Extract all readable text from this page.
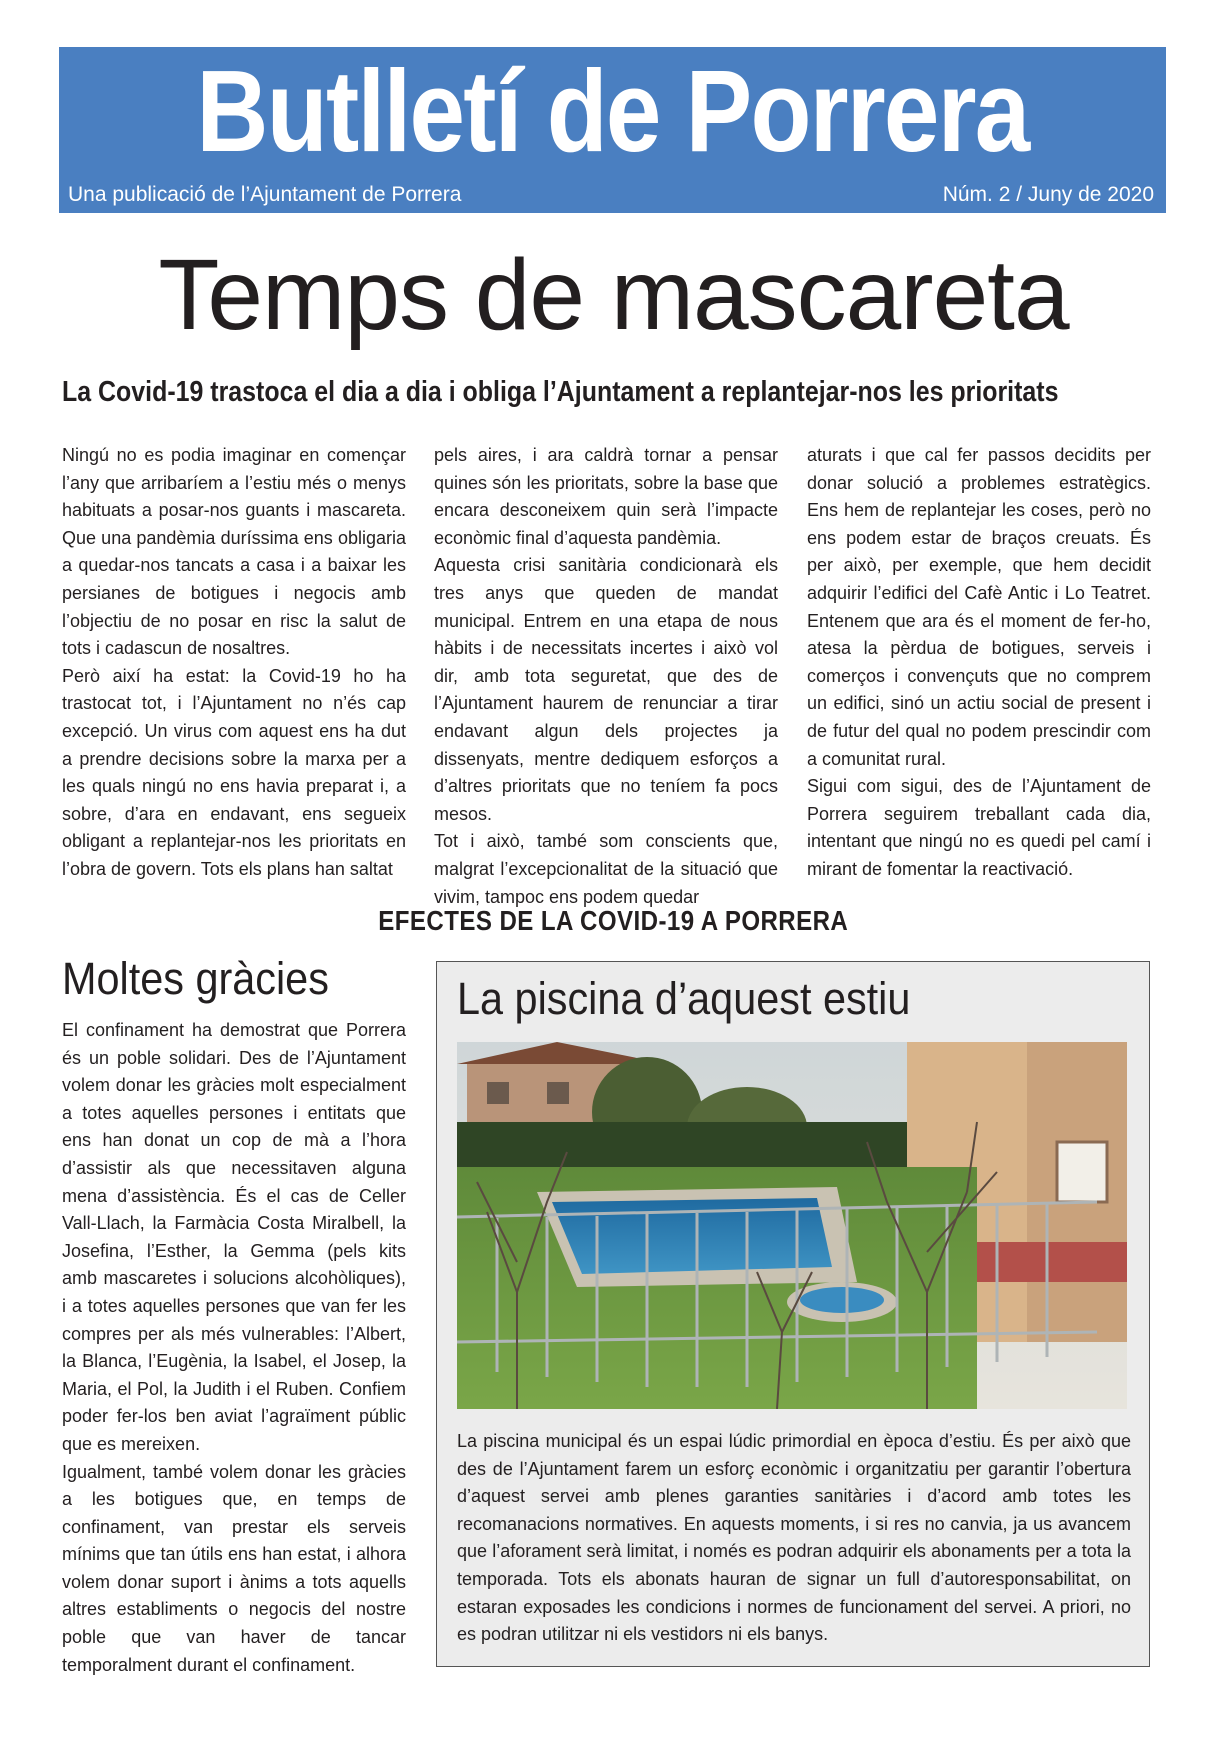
Butlletí de Porrera
Una publicació de l’Ajuntament de Porrera	Núm. 2 / Juny de 2020
Temps de mascareta
La Covid-19 trastoca el dia a dia i obliga l’Ajuntament a replantejar-nos les prioritats

Ningú no es podia imaginar en començar l’any que arribaríem a l’estiu més o menys habituats a posar-nos guants i mascareta. Que una pandèmia duríssima ens obligaria a quedar-nos tancats a casa i a baixar les persianes de botigues i negocis amb l’objectiu de no posar en risc la salut de tots i cadascun de nosaltres.

Però així ha estat: la Covid-19 ho ha trastocat tot, i l’Ajuntament no n’és cap excepció. Un virus com aquest ens ha dut a prendre decisions sobre la marxa per a les quals ningú no ens havia preparat i, a sobre, d’ara en endavant, ens segueix obligant a replantejar-nos les prioritats en l’obra de govern. Tots els plans han saltat

pels aires, i ara caldrà tornar a pensar quines són les prioritats, sobre la base que encara desconeixem quin serà l’impacte econòmic final d’aquesta pandèmia.

Aquesta crisi sanitària condicionarà els tres anys que queden de mandat municipal. Entrem en una etapa de nous hàbits i de necessitats incertes i això vol dir, amb tota seguretat, que des de l’Ajuntament haurem de renunciar a tirar endavant algun dels projectes ja dissenyats, mentre dediquem esforços a d’altres prioritats que no teníem fa pocs mesos.

Tot i això, també som conscients que, malgrat l’excepcionalitat de la situació que vivim, tampoc ens podem quedar

aturats i que cal fer passos decidits per donar solució a problemes estratègics. Ens hem de replantejar les coses, però no ens podem estar de braços creuats. És per això, per exemple, que hem decidit adquirir l’edifici del Cafè Antic i Lo Teatret. Entenem que ara és el moment de fer-ho, atesa la pèrdua de botigues, serveis i comerços i convençuts que no comprem un edifici, sinó un actiu social de present i de futur del qual no podem prescindir com a comunitat rural.

Sigui com sigui, des de l’Ajuntament de Porrera seguirem treballant cada dia, intentant que ningú no es quedi pel camí i mirant de fomentar la reactivació.

EFECTES DE LA COVID-19 A PORRERA
Moltes gràcies

El confinament ha demostrat que Porrera és un poble solidari. Des de l’Ajuntament volem donar les gràcies molt especialment a totes aquelles persones i entitats que ens han donat un cop de mà a l’hora d’assistir als que necessitaven alguna mena d’assistència. És el cas de Celler Vall-Llach, la Farmàcia Costa Miralbell, la Josefina, l’Esther, la Gemma (pels kits amb mascaretes i solucions alcohòliques), i a totes aquelles persones que van fer les compres per als més vulnerables: l’Albert, la Blanca, l’Eugènia, la Isabel, el Josep, la Maria, el Pol, la Judith i el Ruben. Confiem poder fer-los ben aviat l’agraïment públic que es mereixen.

Igualment, també volem donar les gràcies a les botigues que, en temps de confinament, van prestar els serveis mínims que tan útils ens han estat, i alhora volem donar suport i ànims a tots aquells altres establiments o negocis del nostre poble que van haver de tancar temporalment durant el confinament.

La piscina d’aquest estiu
La piscina municipal és un espai lúdic primordial en època d’estiu. És per això que des de l’Ajuntament farem un esforç econòmic i organitzatiu per garantir l’obertura d’aquest servei amb plenes garanties sanitàries i d’acord amb totes les recomanacions normatives. En aquests moments, i si res no canvia, ja us avancem que l’aforament serà limitat, i només es podran adquirir els abonaments per a tota la temporada. Tots els abonats hauran de signar un full d’autoresponsabilitat, on estaran exposades les condicions i normes de funcionament del servei. A priori, no es podran utilitzar ni els vestidors ni els banys.
